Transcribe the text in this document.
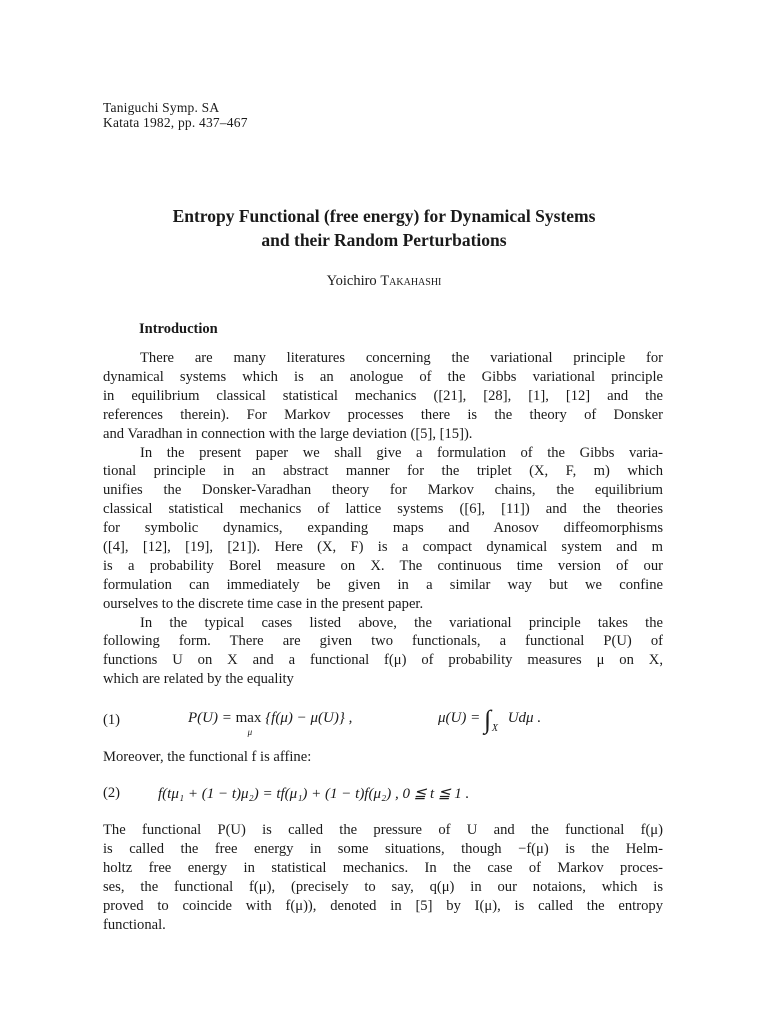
Taniguchi Symp. SA
Katata 1982, pp. 437–467
Entropy Functional (free energy) for Dynamical Systems
and their Random Perturbations
Yoichiro Takahashi
Introduction
There are many literatures concerning the variational principle for
dynamical systems which is an anologue of the Gibbs variational principle
in equilibrium classical statistical mechanics ([21], [28], [1], [12] and the
references therein). For Markov processes there is the theory of Donsker
and Varadhan in connection with the large deviation ([5], [15]).
In the present paper we shall give a formulation of the Gibbs varia-
tional principle in an abstract manner for the triplet (X, F, m) which
unifies the Donsker-Varadhan theory for Markov chains, the equilibrium
classical statistical mechanics of lattice systems ([6], [11]) and the theories
for symbolic dynamics, expanding maps and Anosov diffeomorphisms
([4], [12], [19], [21]). Here (X, F) is a compact dynamical system and m
is a probability Borel measure on X. The continuous time version of our
formulation can immediately be given in a similar way but we confine
ourselves to the discrete time case in the present paper.
In the typical cases listed above, the variational principle takes the
following form. There are given two functionals, a functional P(U) of
functions U on X and a functional f(μ) of probability measures μ on X,
which are related by the equality
(1)	P(U) = max
μ
{f(μ) − μ(U)} ,	μ(U) = ∫ $_X$ Udμ .
Moreover, the functional f is affine:
(2)	f(tμ₁ + (1 − t)μ₂) = tf(μ₁) + (1 − t)f(μ₂) , 0 ≦ t ≦ 1 .
The functional P(U) is called the pressure of U and the functional f(μ)
is called the free energy in some situations, though −f(μ) is the Helm-
holtz free energy in statistical mechanics. In the case of Markov proces-
ses, the functional f(μ), (precisely to say, q(μ) in our notaions, which is
proved to coincide with f(μ)), denoted in [5] by I(μ), is called the entropy
functional.
